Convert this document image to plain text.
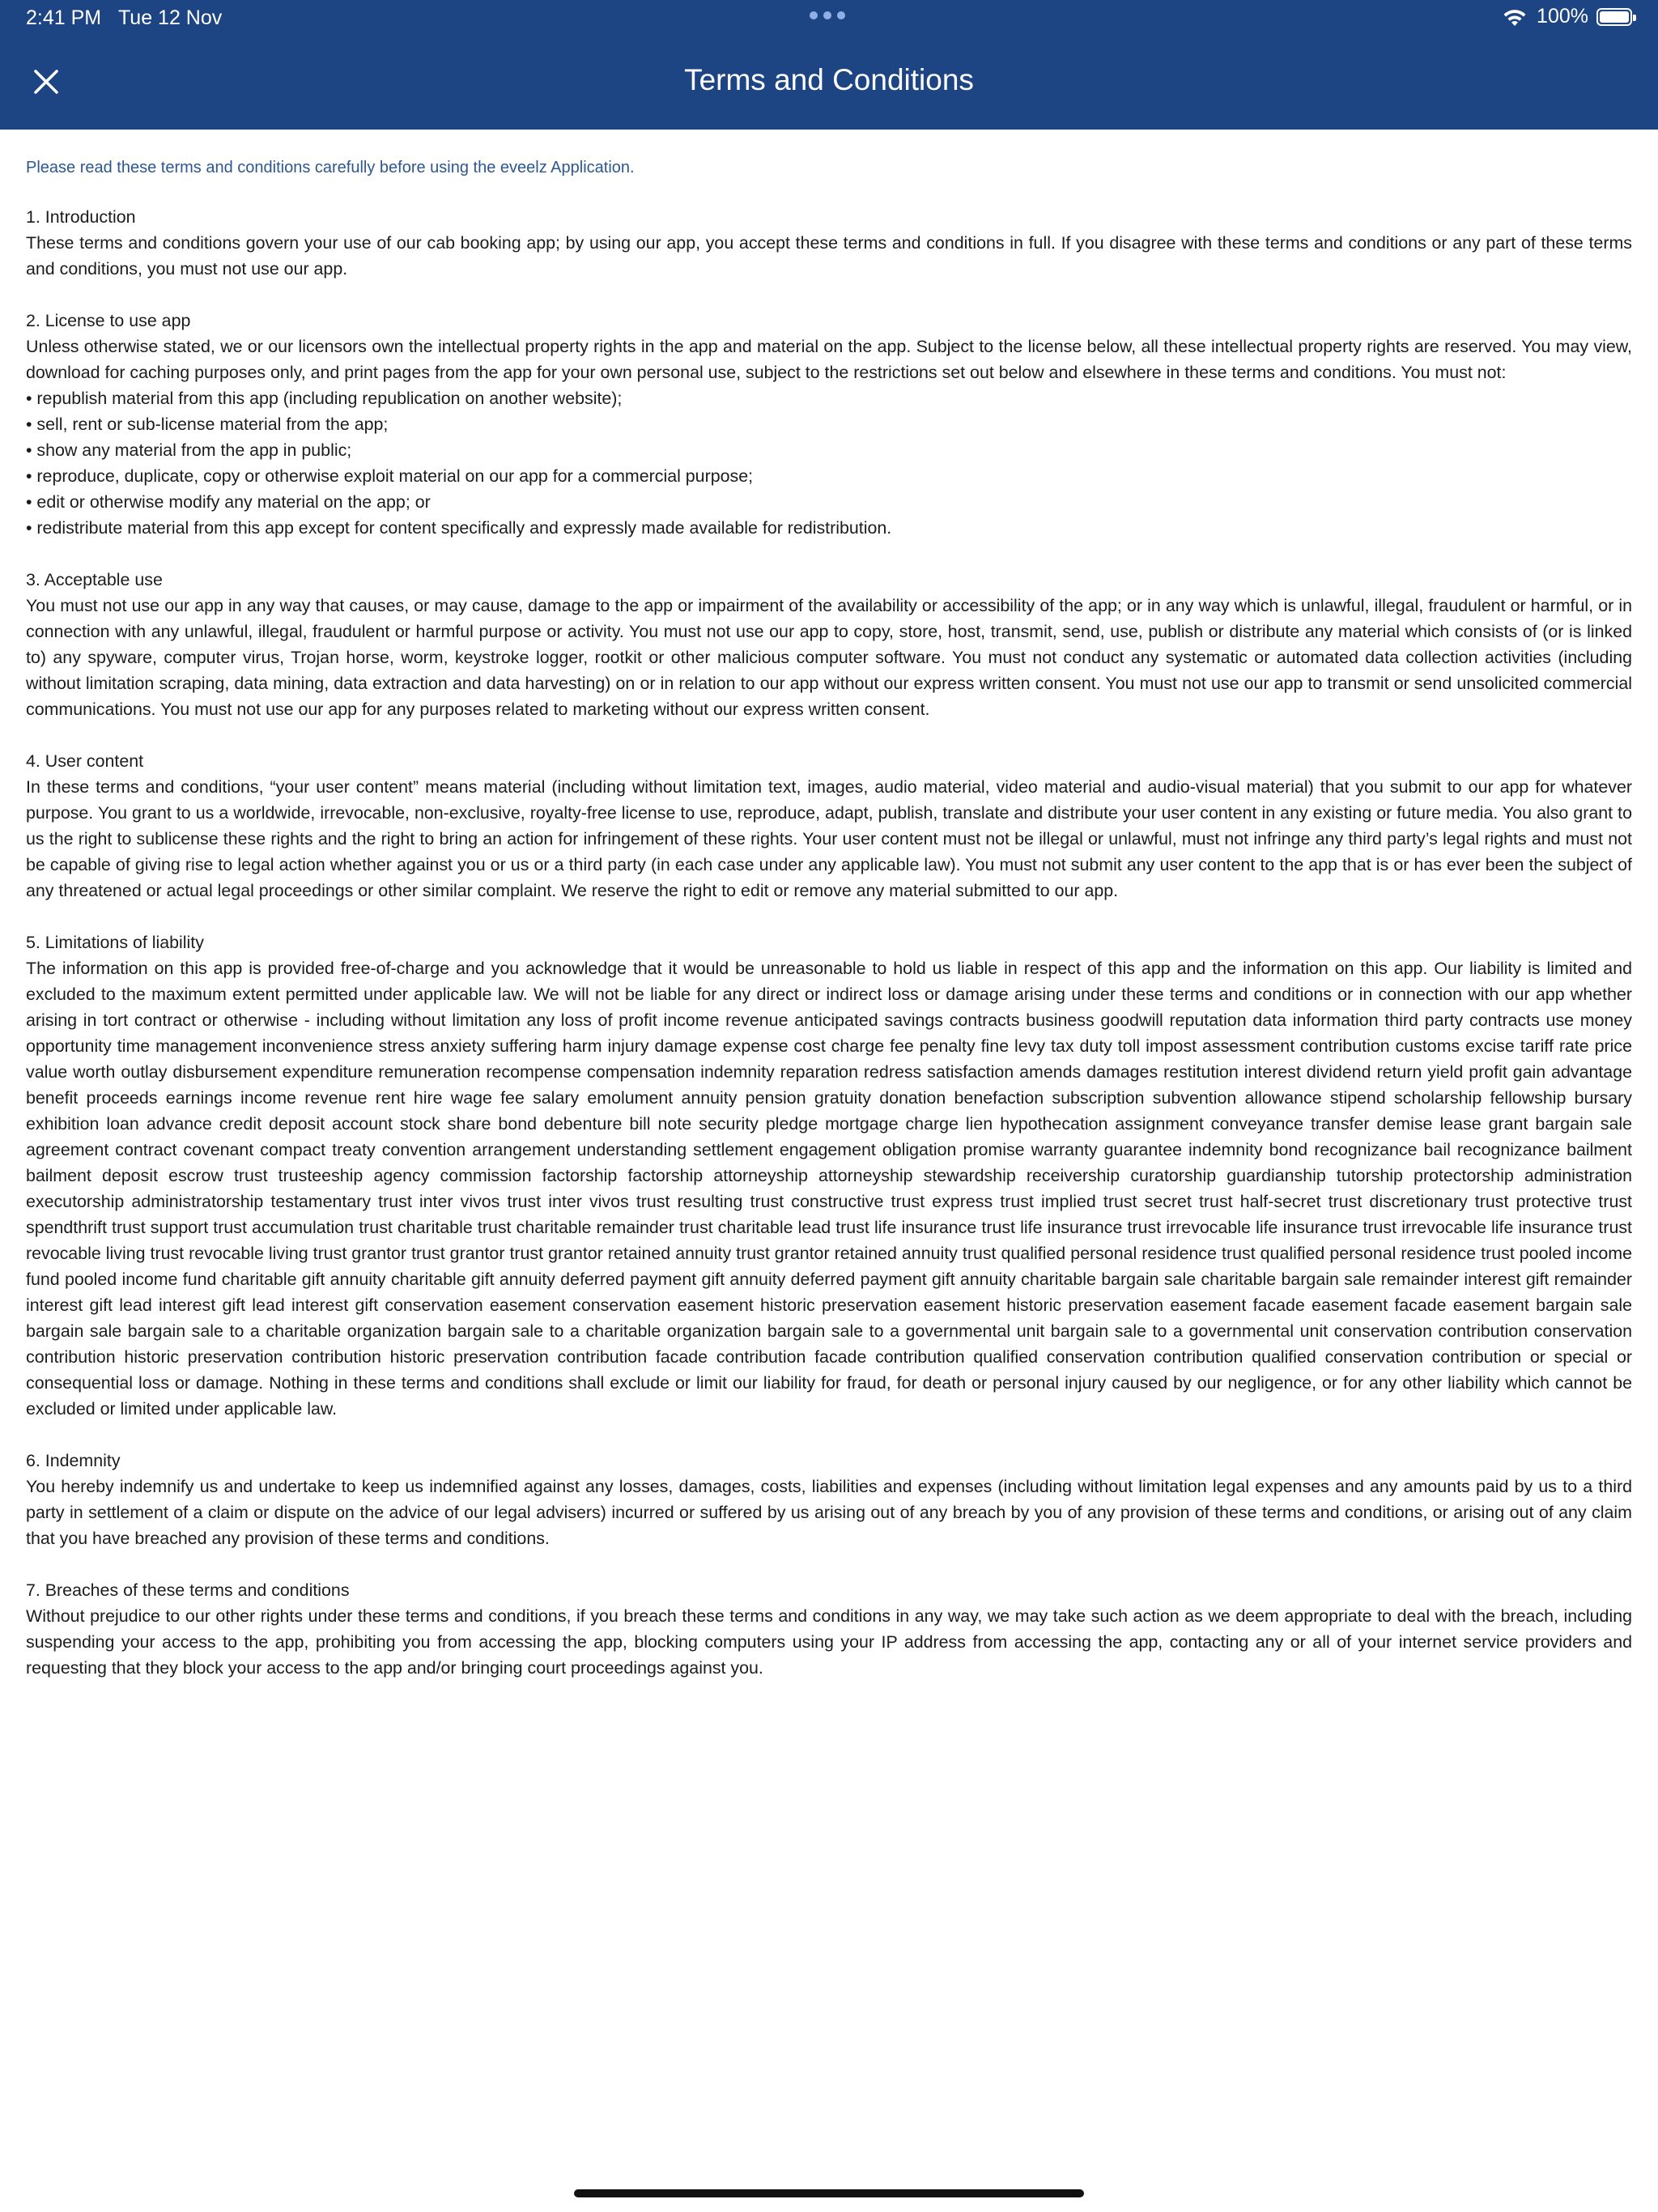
2:41 PM Tue 12 Nov	100%
Terms and Conditions
Please read these terms and conditions carefully before using the eveelz Application.
1. Introduction
These terms and conditions govern your use of our cab booking app; by using our app, you accept these terms and conditions in full. If you disagree with these terms and conditions or any part of these terms and conditions, you must not use our app.
2. License to use app
Unless otherwise stated, we or our licensors own the intellectual property rights in the app and material on the app. Subject to the license below, all these intellectual property rights are reserved. You may view, download for caching purposes only, and print pages from the app for your own personal use, subject to the restrictions set out below and elsewhere in these terms and conditions. You must not:
• republish material from this app (including republication on another website);
• sell, rent or sub-license material from the app;
• show any material from the app in public;
• reproduce, duplicate, copy or otherwise exploit material on our app for a commercial purpose;
• edit or otherwise modify any material on the app; or
• redistribute material from this app except for content specifically and expressly made available for redistribution.
3. Acceptable use
You must not use our app in any way that causes, or may cause, damage to the app or impairment of the availability or accessibility of the app; or in any way which is unlawful, illegal, fraudulent or harmful, or in connection with any unlawful, illegal, fraudulent or harmful purpose or activity. You must not use our app to copy, store, host, transmit, send, use, publish or distribute any material which consists of (or is linked to) any spyware, computer virus, Trojan horse, worm, keystroke logger, rootkit or other malicious computer software. You must not conduct any systematic or automated data collection activities (including without limitation scraping, data mining, data extraction and data harvesting) on or in relation to our app without our express written consent. You must not use our app to transmit or send unsolicited commercial communications. You must not use our app for any purposes related to marketing without our express written consent.
4. User content
In these terms and conditions, “your user content” means material (including without limitation text, images, audio material, video material and audio-visual material) that you submit to our app for whatever purpose. You grant to us a worldwide, irrevocable, non-exclusive, royalty-free license to use, reproduce, adapt, publish, translate and distribute your user content in any existing or future media. You also grant to us the right to sublicense these rights and the right to bring an action for infringement of these rights. Your user content must not be illegal or unlawful, must not infringe any third party’s legal rights and must not be capable of giving rise to legal action whether against you or us or a third party (in each case under any applicable law). You must not submit any user content to the app that is or has ever been the subject of any threatened or actual legal proceedings or other similar complaint. We reserve the right to edit or remove any material submitted to our app.
5. Limitations of liability
The information on this app is provided free-of-charge and you acknowledge that it would be unreasonable to hold us liable in respect of this app and the information on this app. Our liability is limited and excluded to the maximum extent permitted under applicable law. We will not be liable for any direct or indirect loss or damage arising under these terms and conditions or in connection with our app whether arising in tort contract or otherwise - including without limitation any loss of profit income revenue anticipated savings contracts business goodwill reputation data information third party contracts use money opportunity time management inconvenience stress anxiety suffering harm injury damage expense cost charge fee penalty fine levy tax duty toll impost assessment contribution customs excise tariff rate price value worth outlay disbursement expenditure remuneration recompense compensation indemnity reparation redress satisfaction amends damages restitution interest dividend return yield profit gain advantage benefit proceeds earnings income revenue rent hire wage fee salary emolument annuity pension gratuity donation benefaction subscription subvention allowance stipend scholarship fellowship bursary exhibition loan advance credit deposit account stock share bond debenture bill note security pledge mortgage charge lien hypothecation assignment conveyance transfer demise lease grant bargain sale agreement contract covenant compact treaty convention arrangement understanding settlement engagement obligation promise warranty guarantee indemnity bond recognizance bail recognizance bailment bailment deposit escrow trust trusteeship agency commission factorship factorship attorneyship attorneyship stewardship receivership curatorship guardianship tutorship protectorship administration executorship administratorship testamentary trust inter vivos trust inter vivos trust resulting trust constructive trust express trust implied trust secret trust half-secret trust discretionary trust protective trust spendthrift trust support trust accumulation trust charitable trust charitable remainder trust charitable lead trust life insurance trust life insurance trust irrevocable life insurance trust irrevocable life insurance trust revocable living trust revocable living trust grantor trust grantor trust grantor retained annuity trust grantor retained annuity trust qualified personal residence trust qualified personal residence trust pooled income fund pooled income fund charitable gift annuity charitable gift annuity deferred payment gift annuity deferred payment gift annuity charitable bargain sale charitable bargain sale remainder interest gift remainder interest gift lead interest gift lead interest gift conservation easement conservation easement historic preservation easement historic preservation easement facade easement facade easement bargain sale bargain sale bargain sale to a charitable organization bargain sale to a charitable organization bargain sale to a governmental unit bargain sale to a governmental unit conservation contribution conservation contribution historic preservation contribution historic preservation contribution facade contribution facade contribution qualified conservation contribution qualified conservation contribution or special or consequential loss or damage. Nothing in these terms and conditions shall exclude or limit our liability for fraud, for death or personal injury caused by our negligence, or for any other liability which cannot be excluded or limited under applicable law.
6. Indemnity
You hereby indemnify us and undertake to keep us indemnified against any losses, damages, costs, liabilities and expenses (including without limitation legal expenses and any amounts paid by us to a third party in settlement of a claim or dispute on the advice of our legal advisers) incurred or suffered by us arising out of any breach by you of any provision of these terms and conditions, or arising out of any claim that you have breached any provision of these terms and conditions.
7. Breaches of these terms and conditions
Without prejudice to our other rights under these terms and conditions, if you breach these terms and conditions in any way, we may take such action as we deem appropriate to deal with the breach, including suspending your access to the app, prohibiting you from accessing the app, blocking computers using your IP address from accessing the app, contacting any or all of your internet service providers and requesting that they block your access to the app and/or bringing court proceedings against you.
